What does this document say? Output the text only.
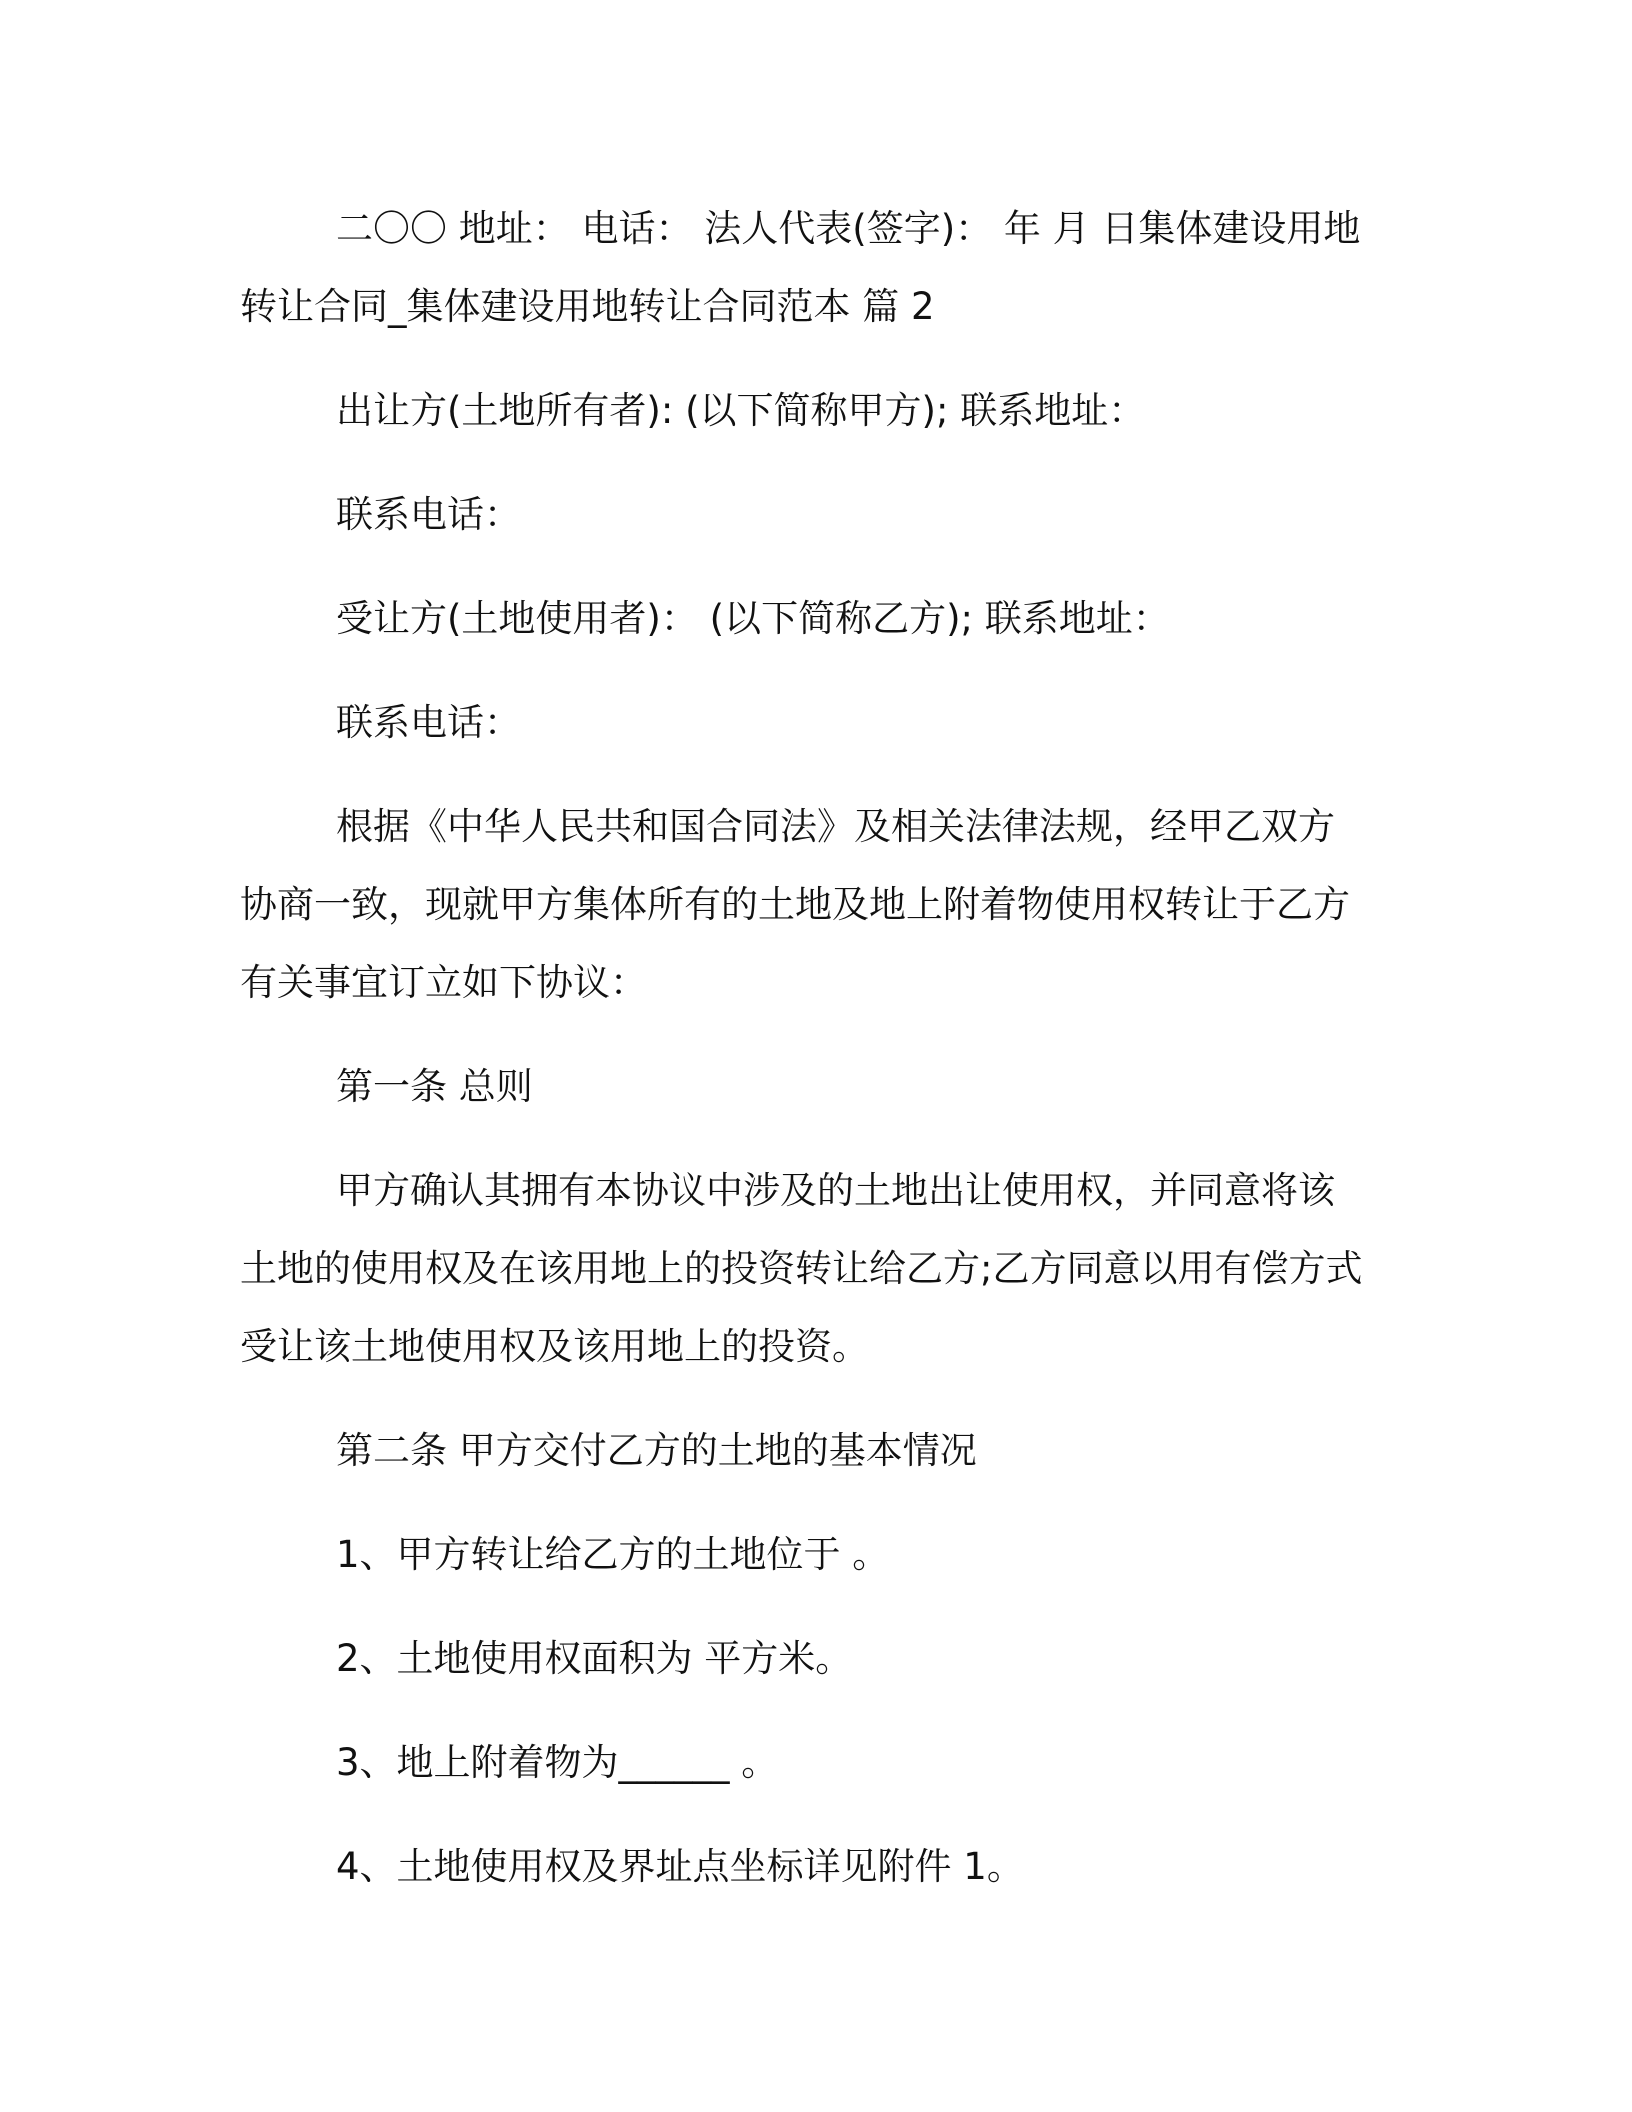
二〇〇 地址： 电话： 法人代表(签字)： 年 月 日集体建设用地转让合同_集体建设用地转让合同范本 篇 2

出让方(土地所有者): (以下简称甲方); 联系地址：

联系电话：

受让方(土地使用者)： (以下简称乙方); 联系地址：

联系电话：

根据《中华人民共和国合同法》及相关法律法规，经甲乙双方协商一致，现就甲方集体所有的土地及地上附着物使用权转让于乙方有关事宜订立如下协议：

第一条 总则

甲方确认其拥有本协议中涉及的土地出让使用权，并同意将该土地的使用权及在该用地上的投资转让给乙方;乙方同意以用有偿方式受让该土地使用权及该用地上的投资。

第二条 甲方交付乙方的土地的基本情况

1、甲方转让给乙方的土地位于 。

2、土地使用权面积为 平方米。

3、地上附着物为______ 。

4、土地使用权及界址点坐标详见附件 1。
